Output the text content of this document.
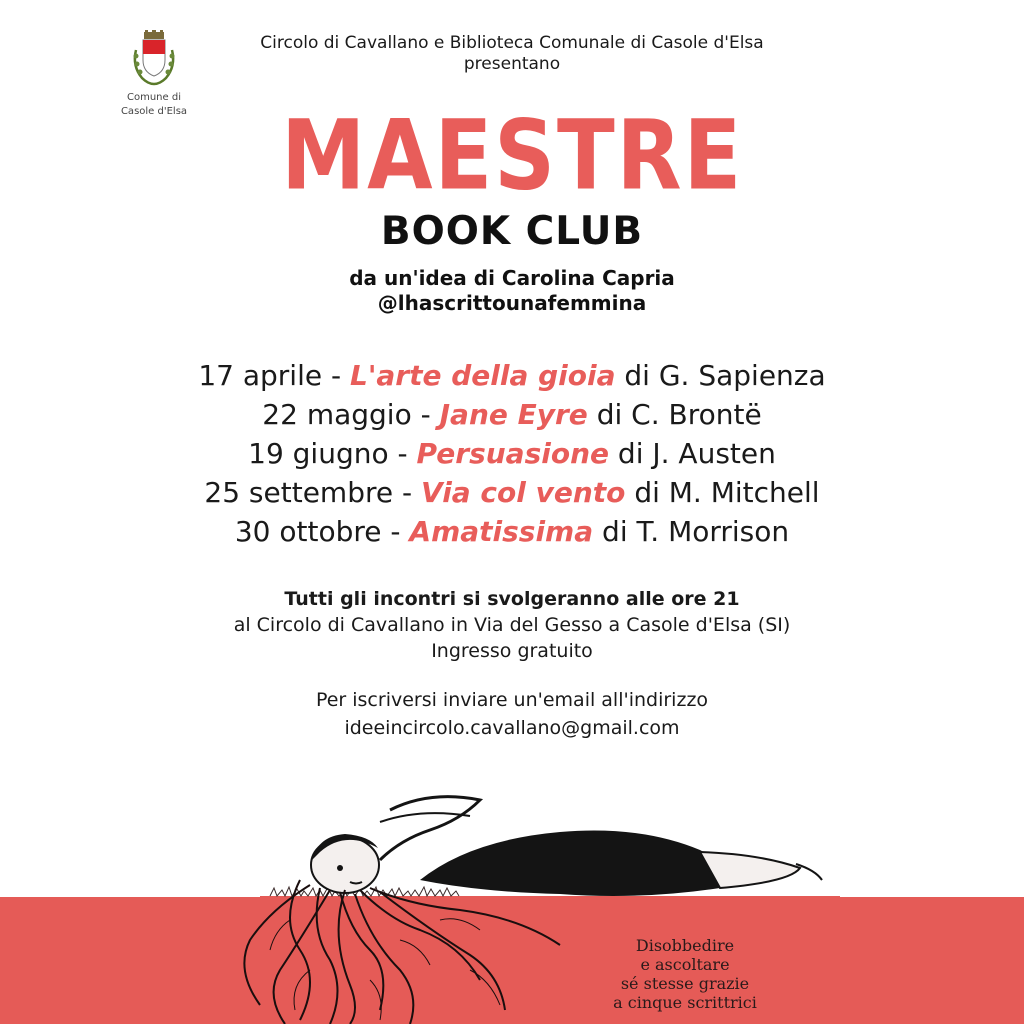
Comune di
Casole d'Elsa
Circolo di Cavallano e Biblioteca Comunale di Casole d'Elsa
presentano
MAESTRE
BOOK CLUB
da un'idea di Carolina Capria
@lhascrittounafemmina
17 aprile - L'arte della gioia di G. Sapienza
22 maggio - Jane Eyre di C. Brontë
19 giugno - Persuasione di J. Austen
25 settembre - Via col vento di M. Mitchell
30 ottobre - Amatissima di T. Morrison
Tutti gli incontri si svolgeranno alle ore 21
al Circolo di Cavallano in Via del Gesso a Casole d'Elsa (SI)
Ingresso gratuito
Per iscriversi inviare un'email all'indirizzo
ideeincircolo.cavallano@gmail.com
Disobbedire
e ascoltare
sé stesse grazie
a cinque scrittrici
